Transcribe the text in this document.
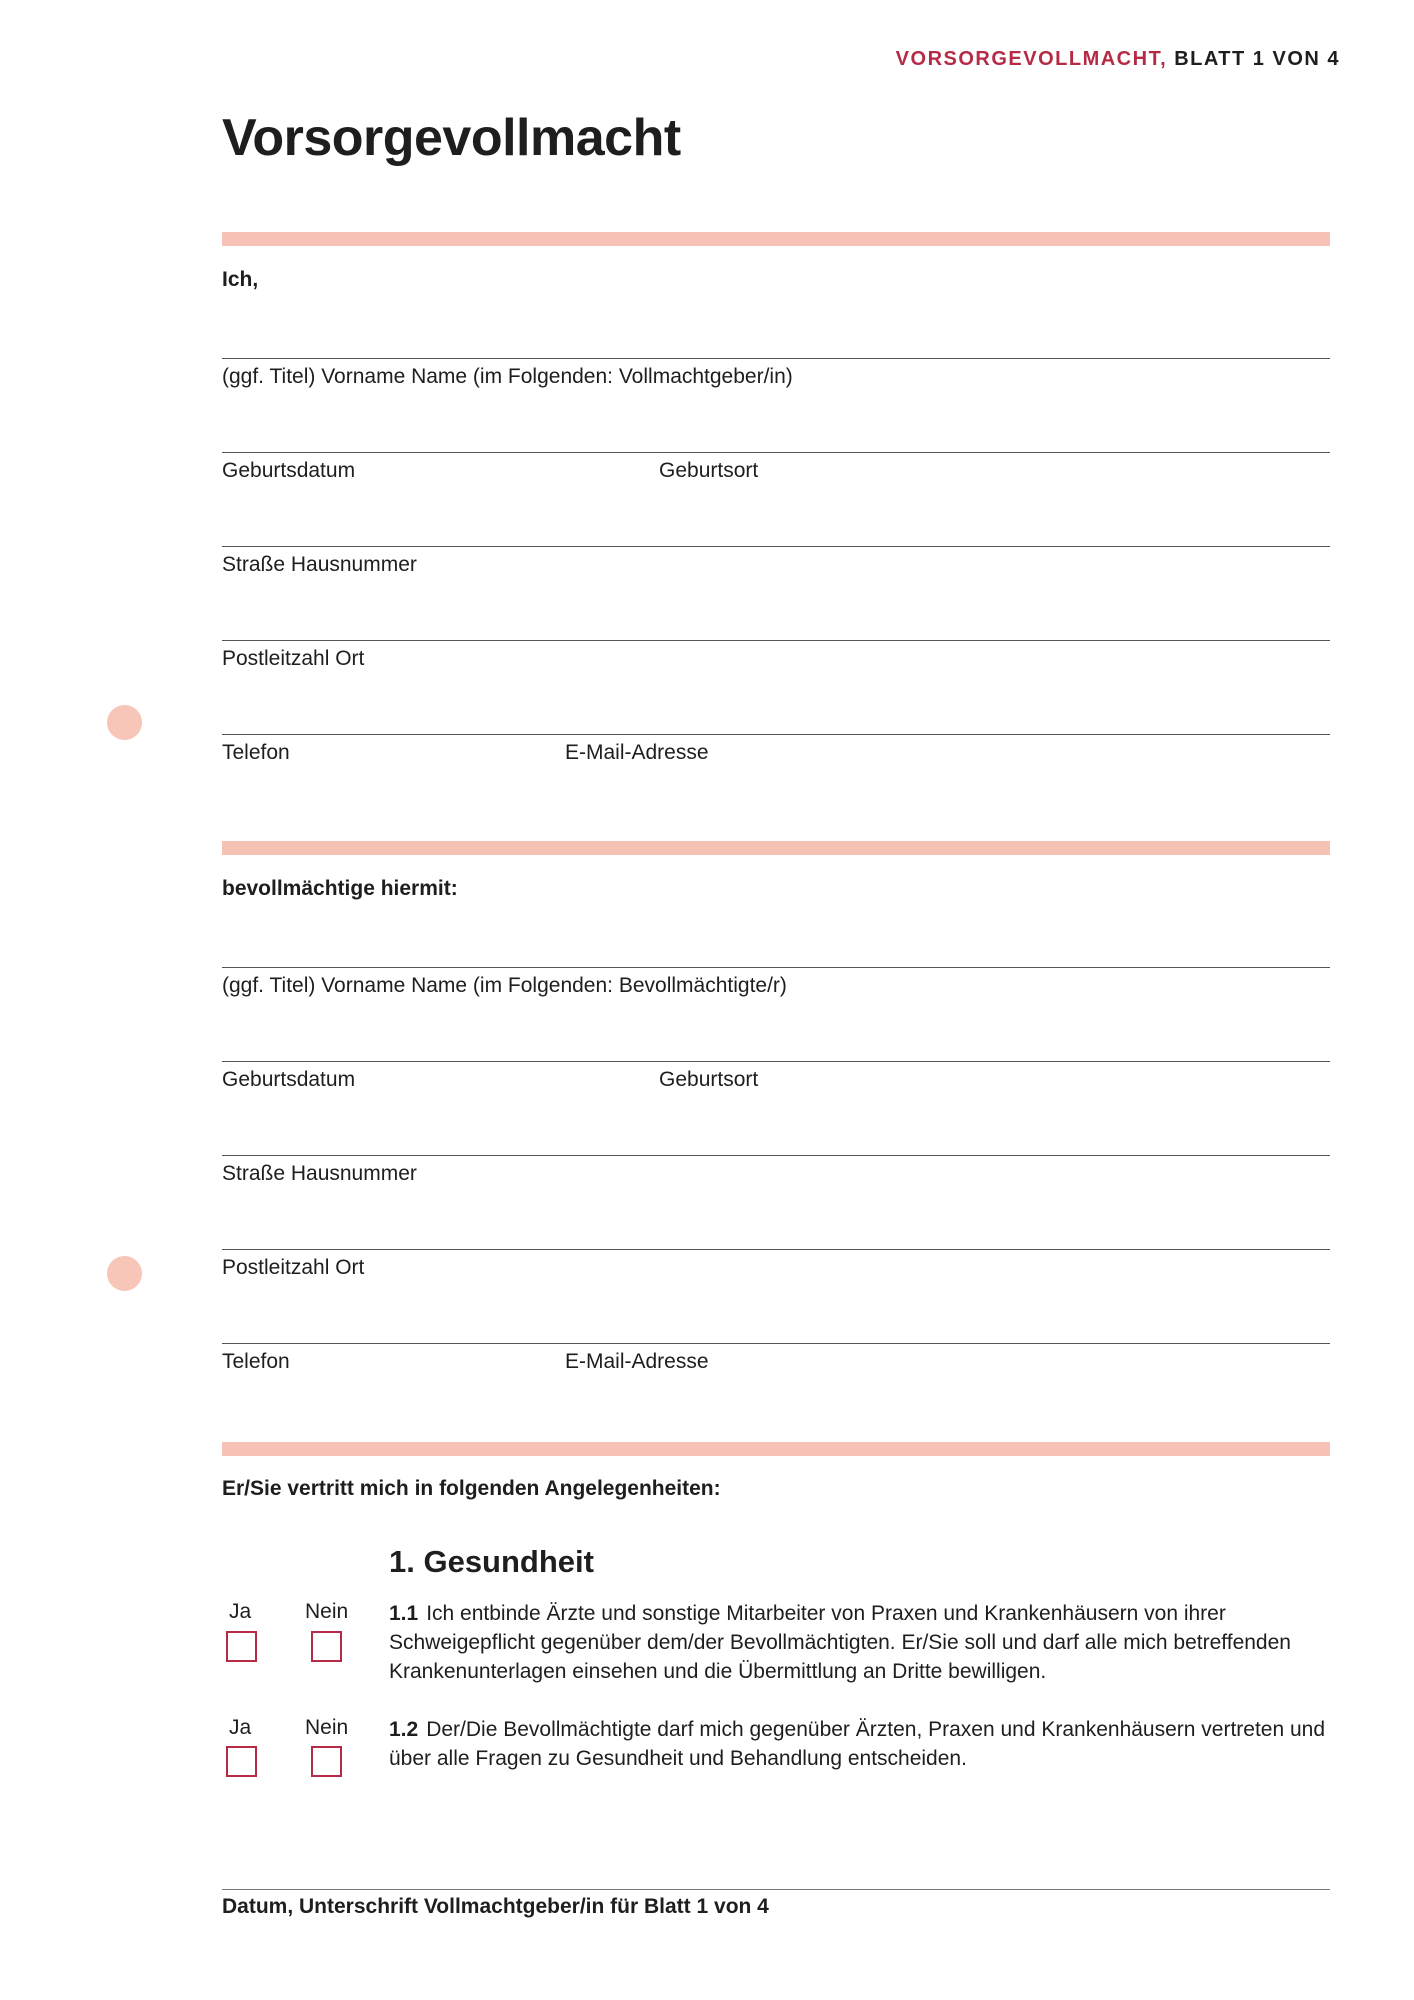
VORSORGEVOLLMACHT, BLATT 1 VON 4
Vorsorgevollmacht
Ich,
(ggf. Titel) Vorname Name (im Folgenden: Vollmachtgeber/in)
Geburtsdatum	Geburtsort
Straße Hausnummer
Postleitzahl Ort
Telefon	E-Mail-Adresse
bevollmächtige hiermit:
(ggf. Titel) Vorname Name (im Folgenden: Bevollmächtigte/r)
Geburtsdatum	Geburtsort
Straße Hausnummer
Postleitzahl Ort
Telefon	E-Mail-Adresse
Er/Sie vertritt mich in folgenden Angelegenheiten:
1. Gesundheit
Ja	Nein 1.1 Ich entbinde Ärzte und sonstige Mitarbeiter von Praxen und Krankenhäusern von ihrer Schweigepflicht gegenüber dem/der Bevollmächtigten. Er/Sie soll und darf alle mich betreffenden Krankenunterlagen einsehen und die Übermittlung an Dritte bewilligen.
Ja	Nein 1.2 Der/Die Bevollmächtigte darf mich gegenüber Ärzten, Praxen und Krankenhäusern vertreten und über alle Fragen zu Gesundheit und Behandlung entscheiden.
Datum, Unterschrift Vollmachtgeber/in für Blatt 1 von 4
